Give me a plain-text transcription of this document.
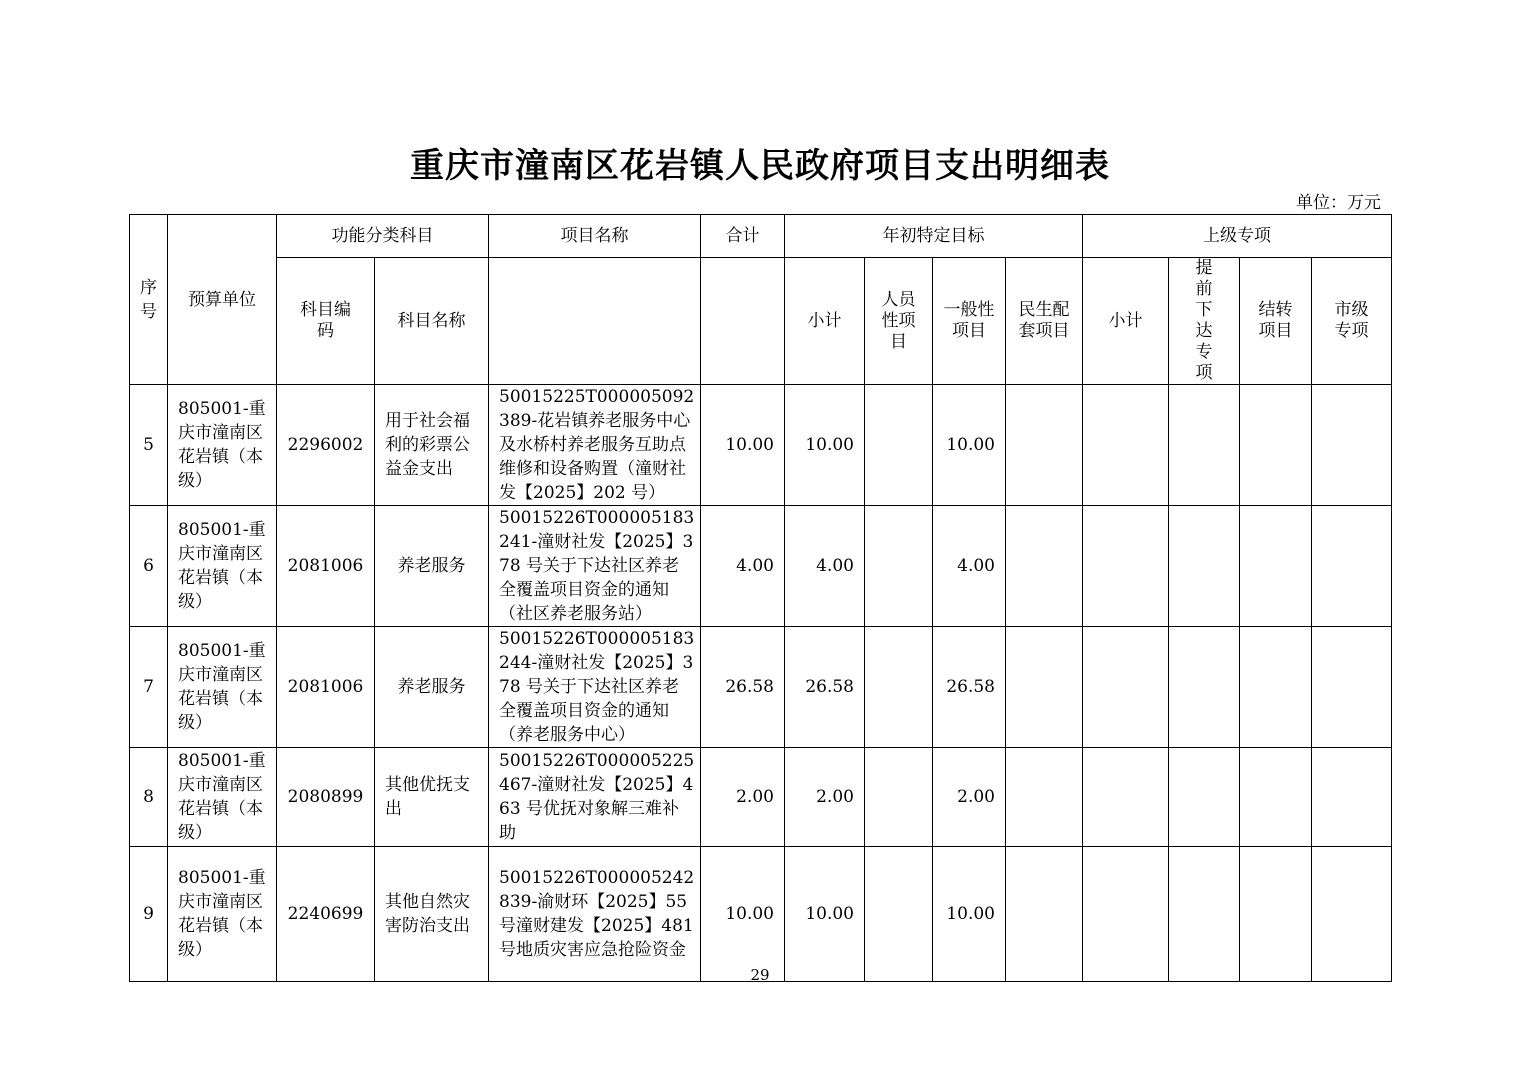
重庆市潼南区花岩镇人民政府项目支出明细表
单位：万元
序号	预算单位	功能分类科目		项目名称	合计	年初特定目标				上级专项			
		科目编码	科目名称			小计	人员性项目	一般性项目	民生配套项目	小计	提前下达专项	结转项目	市级专项
5	805001-重庆市潼南区花岩镇（本级）	2296002	用于社会福利的彩票公益金支出	50015225T000005092389-花岩镇养老服务中心及水桥村养老服务互助点维修和设备购置（潼财社发【2025】202 号）	10.00	10.00		10.00					
6	805001-重庆市潼南区花岩镇（本级）	2081006	养老服务	50015226T000005183241-潼财社发【2025】378 号关于下达社区养老全覆盖项目资金的通知（社区养老服务站）	4.00	4.00		4.00					
7	805001-重庆市潼南区花岩镇（本级）	2081006	养老服务	50015226T000005183244-潼财社发【2025】378 号关于下达社区养老全覆盖项目资金的通知（养老服务中心）	26.58	26.58		26.58					
8	805001-重庆市潼南区花岩镇（本级）	2080899	其他优抚支出	50015226T000005225467-潼财社发【2025】463 号优抚对象解三难补助	2.00	2.00		2.00					
9	805001-重庆市潼南区花岩镇（本级）	2240699	其他自然灾害防治支出	50015226T000005242839-渝财环【2025】55 号潼财建发【2025】481 号地质灾害应急抢险资金	10.00	10.00		10.00					
29
